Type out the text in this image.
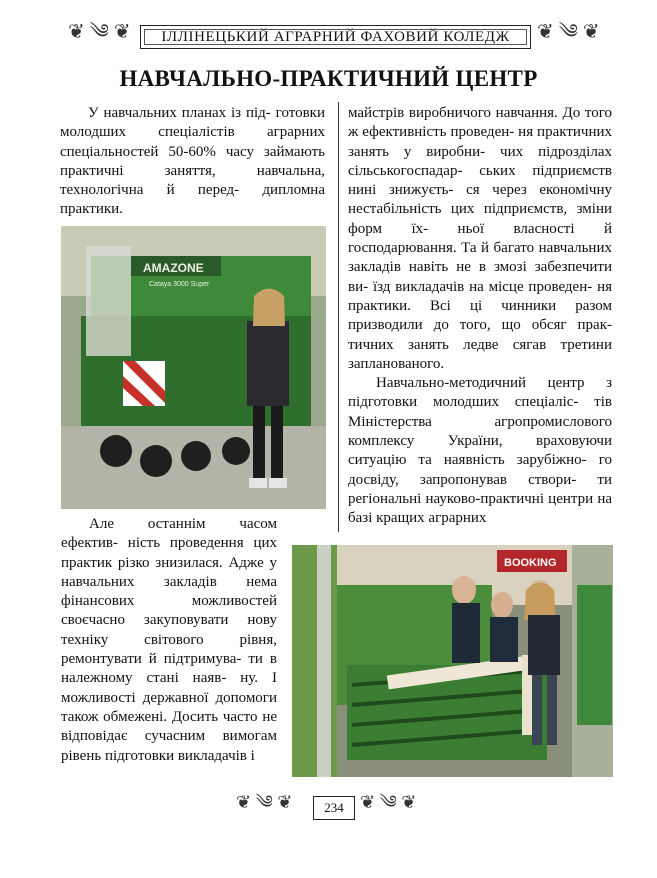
❦ ༄ ❦ ІЛЛІНЕЦЬКИЙ АГРАРНИЙ ФАХОВИЙ КОЛЕДЖ ❦ ༄ ❦
НАВЧАЛЬНО-ПРАКТИЧНИЙ ЦЕНТР

У навчальних планах із під- готовки молодших спеціалістів аграрних спеціальностей 50-60% часу займають практичні заняття, навчальна, технологічна й перед- дипломна практики.

AMAZONE
Cataya 3000 Super

Але останнім часом ефектив- ність проведення цих практик різко знизилася. Адже у навчальних закладів нема фінансових можливостей своєчасно закуповувати нову техніку світового рівня, ремонтувати й підтримува- ти в належному стані наяв- ну. І можливості державної допомоги також обмежені. Досить часто не відповідає сучасним вимогам рівень підготовки викладачів і

майстрів виробничого навчання. До того ж ефективність проведен- ня практичних занять у виробни- чих підрозділах сільськогоспадар- ських підприємств нині знижуєть- ся через економічну нестабільність цих підприємств, зміни форм їх- ньої власності й господарювання. Та й багато навчальних закладів навіть не в змозі забезпечити ви- їзд викладачів на місце проведен- ня практики. Всі ці чинники разом призводили до того, що обсяг прак- тичних занять ледве сягав третини запланованого.

Навчально-методичний центр з підготовки молодших спеціаліс- тів Міністерства агропромислового комплексу України, враховуючи ситуацію та наявність зарубіжно- го досвіду, запропонував створи- ти регіональні науково-практичні центри на базі кращих аграрних

BOOKING
❦ ༄ ❦	234 ❦ ༄ ❦
